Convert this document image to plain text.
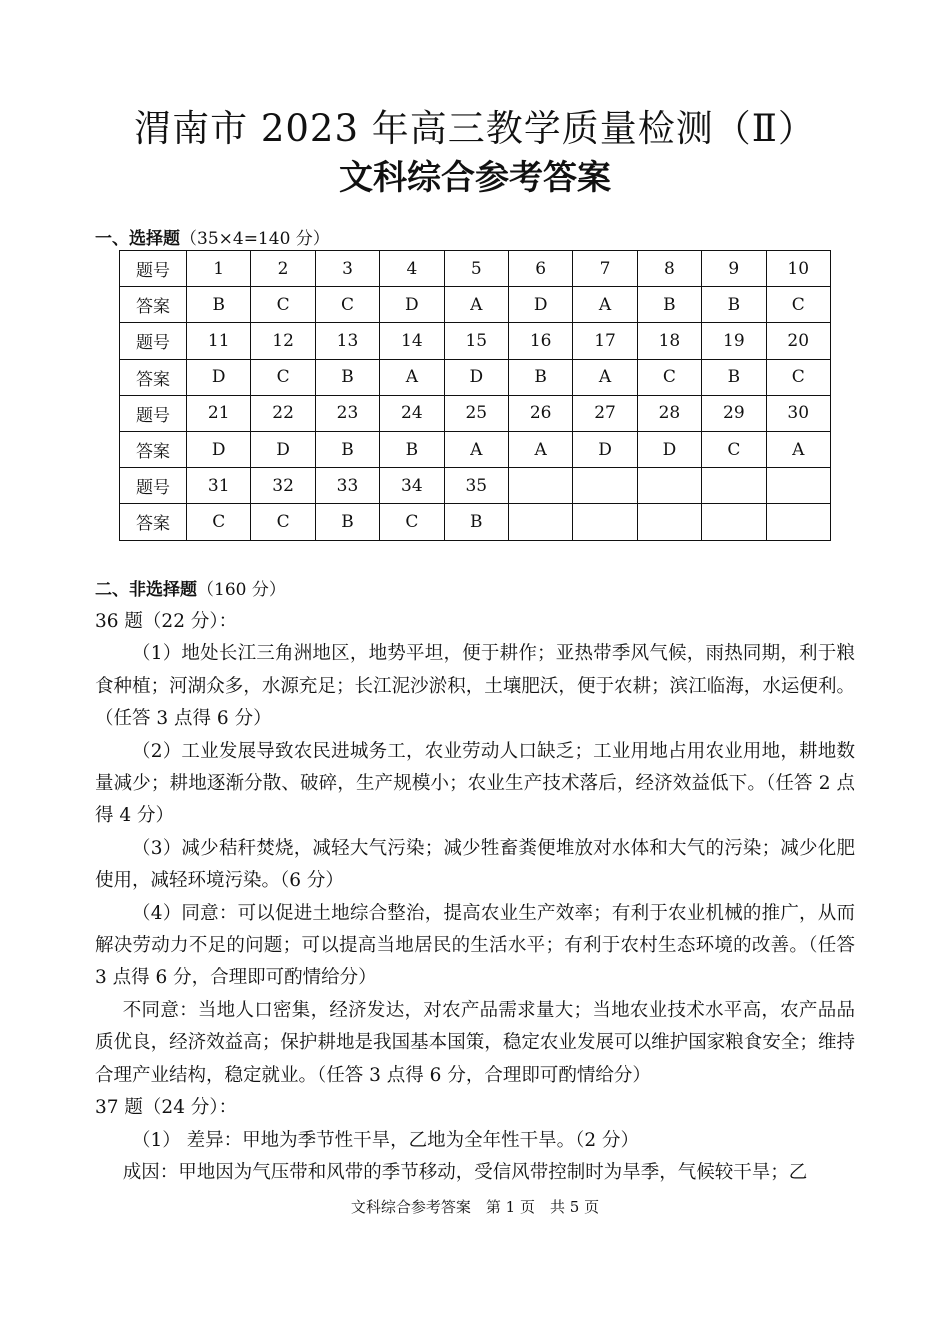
渭南市 2023 年高三教学质量检测（Ⅱ）
文科综合参考答案
一、选择题（35×4=140 分）
题号	1	2	3	4	5	6	7	8	9	10
答案	B	C	C	D	A	D	A	B	B	C
题号	11	12	13	14	15	16	17	18	19	20
答案	D	C	B	A	D	B	A	C	B	C
题号	21	22	23	24	25	26	27	28	29	30
答案	D	D	B	B	A	A	D	D	C	A
题号	31	32	33	34	35					
答案	C	C	B	C	B					
二、非选择题（160 分）

36 题（22 分）：

（1）地处长江三角洲地区，地势平坦，便于耕作；亚热带季风气候，雨热同期，利于粮食种植；河湖众多，水源充足；长江泥沙淤积，土壤肥沃，便于农耕；滨江临海，水运便利。（任答 3 点得 6 分）

（2）工业发展导致农民进城务工，农业劳动人口缺乏；工业用地占用农业用地，耕地数量减少；耕地逐渐分散、破碎，生产规模小；农业生产技术落后，经济效益低下。（任答 2 点得 4 分）

（3）减少秸秆焚烧，减轻大气污染；减少牲畜粪便堆放对水体和大气的污染；减少化肥使用，减轻环境污染。（6 分）

（4）同意：可以促进土地综合整治，提高农业生产效率；有利于农业机械的推广，从而解决劳动力不足的问题；可以提高当地居民的生活水平；有利于农村生态环境的改善。（任答 3 点得 6 分，合理即可酌情给分）

不同意：当地人口密集，经济发达，对农产品需求量大；当地农业技术水平高，农产品品质优良，经济效益高；保护耕地是我国基本国策，稳定农业发展可以维护国家粮食安全；维持合理产业结构，稳定就业。（任答 3 点得 6 分，合理即可酌情给分）

37 题（24 分）：

（1） 差异：甲地为季节性干旱，乙地为全年性干旱。（2 分）

成因：甲地因为气压带和风带的季节移动，受信风带控制时为旱季，气候较干旱；乙

文科综合参考答案　第 1 页　共 5 页
